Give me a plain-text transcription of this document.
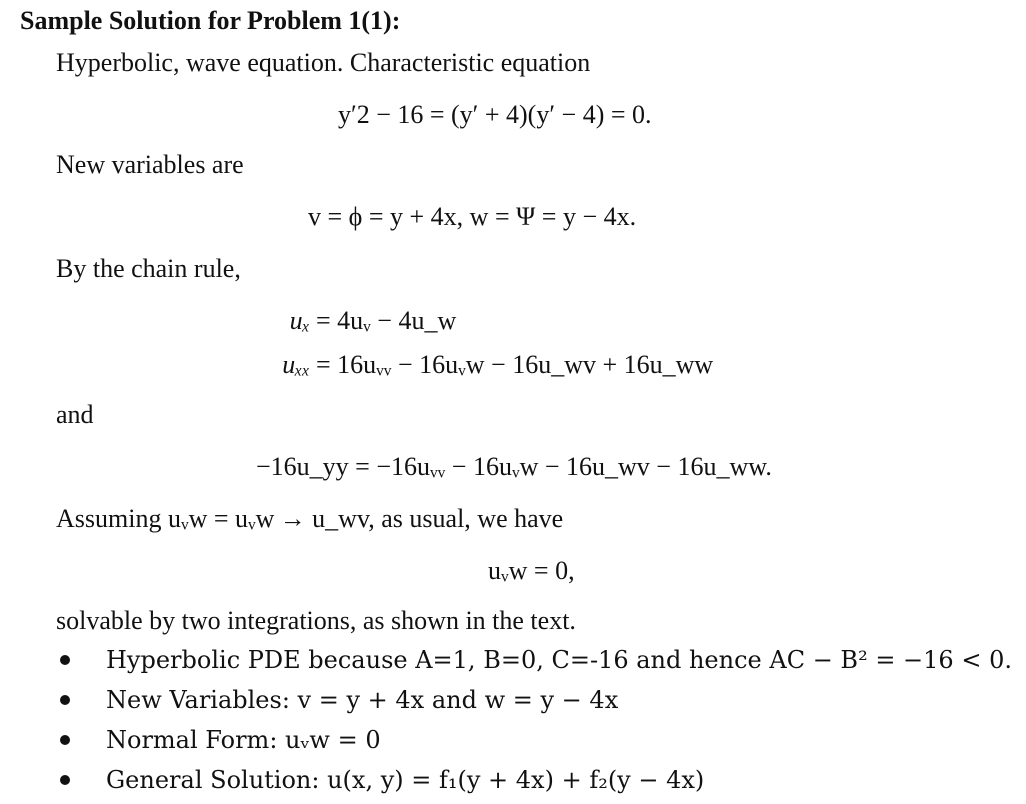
Sample Solution for Problem 1(1):
Hyperbolic, wave equation. Characteristic equation
y′2 − 16 = (y′ + 4)(y′ − 4) = 0.
New variables are
v = ϕ = y + 4x, w = Ψ = y − 4x.
By the chain rule,
uₓ = 4uᵥ − 4u_w
uₓₓ = 16uᵥᵥ − 16uᵥw − 16u_wv + 16u_ww
and
−16u_yy = −16uᵥᵥ − 16uᵥw − 16u_wv − 16u_ww.
Assuming uᵥw = uᵥw → u_wv, as usual, we have
uᵥw = 0,
solvable by two integrations, as shown in the text.
Hyperbolic PDE because A=1, B=0, C=-16 and hence AC − B² = −16 < 0.
New Variables: v = y + 4x and w = y − 4x
Normal Form: uᵥw = 0
General Solution: u(x, y) = f₁(y + 4x) + f₂(y − 4x)
